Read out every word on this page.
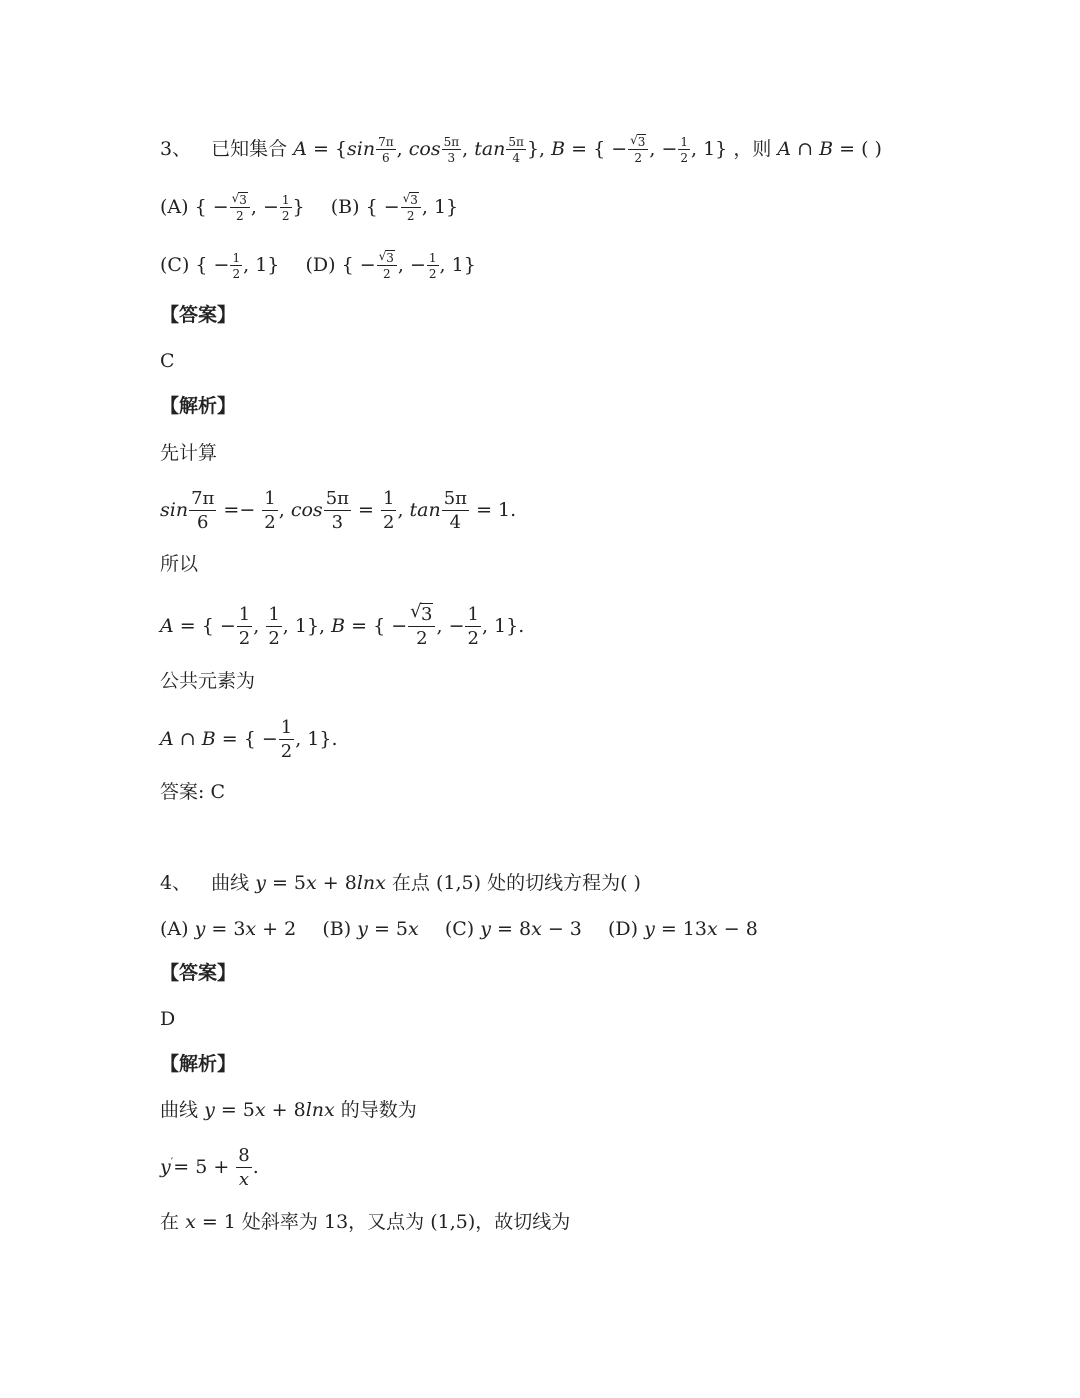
3、 已知集合 $A = \{\sin \frac{7\pi}{6}$ , $\cos \frac{5\pi}{3}$ , $\tan \frac{5\pi}{4}$ }, B = { − √ $\frac{3}{2}$ , − $\frac{1}{2}$ , 1} ，则 A ∩ B = ( )
(A) { − √ $\frac{3}{2}$ , − $\frac{1}{2}$ } (B) { − √ $\frac{3}{2}$ , 1}
(C) { − $\frac{1}{2}$ , 1} (D) { − √ $\frac{3}{2}$ , − $\frac{1}{2}$ , 1}
【答案】
C
【解析】
先计算
$\sin \frac{7\pi}{6} =- \frac{1}{2}$ , $\cos \frac{5\pi}{3} = \frac{1}{2}$ , $\tan \frac{5\pi}{4} = 1$.
所以
A = { − $\frac{1}{2}$ , $\frac{1}{2}$ , 1}, B = { − √ $\frac{3}{2}$ , − $\frac{1}{2}$ , 1}.
公共元素为
A ∩ B = { − $\frac{1}{2}$ , 1}.
答案: C
4、 曲线 y = 5x + 8lnx 在点 (1,5) 处的切线方程为( )
(A) y = 3x + 2 (B) y = 5x (C) y = 8x − 3 (D) y = 13x − 8
【答案】
D
【解析】
曲线 y = 5x + 8lnx 的导数为
$y'= 5 + \frac{8}{x}$ .
在 x = 1 处斜率为 13，又点为 (1,5)，故切线为
